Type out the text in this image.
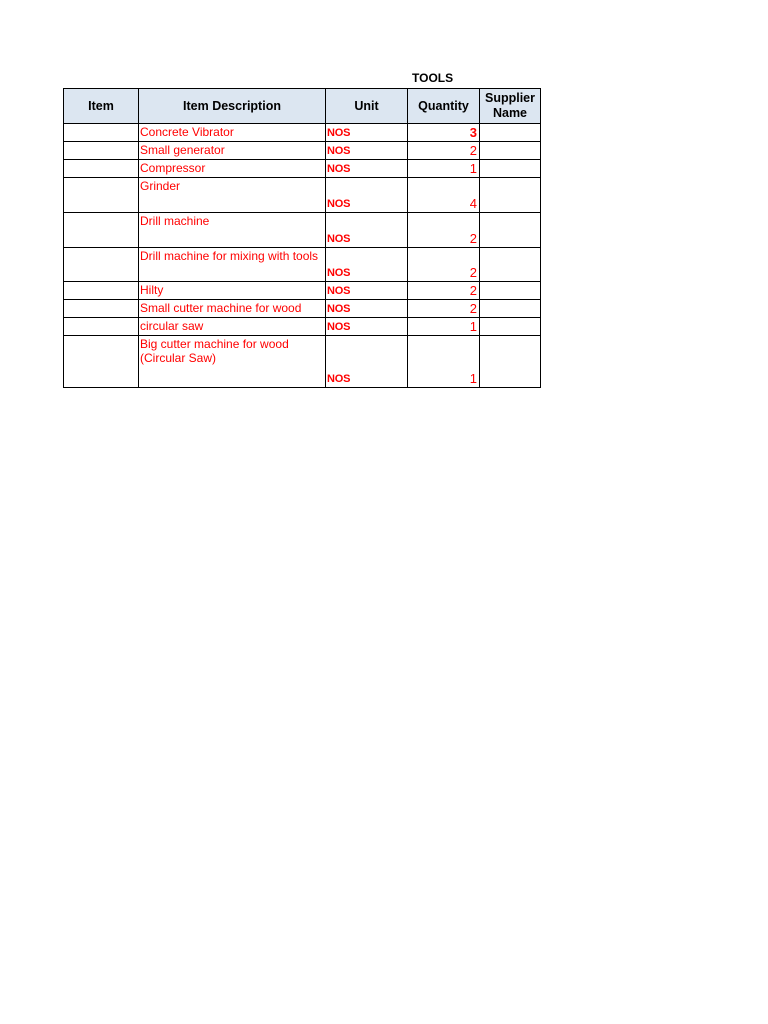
TOOLS
Item	Item Description	Unit	Quantity	Supplier
Name

	Concrete Vibrator	NOS	3	

	Small generator	NOS	2	

	Compressor	NOS	1	

	Grinder	NOS	4	

	Drill machine	NOS	2	

	Drill machine for mixing with tools	NOS	2	

	Hilty	NOS	2	

	Small cutter machine for wood	NOS	2	

	circular saw	NOS	1	

	Big cutter machine for wood (Circular Saw)	NOS	1	
